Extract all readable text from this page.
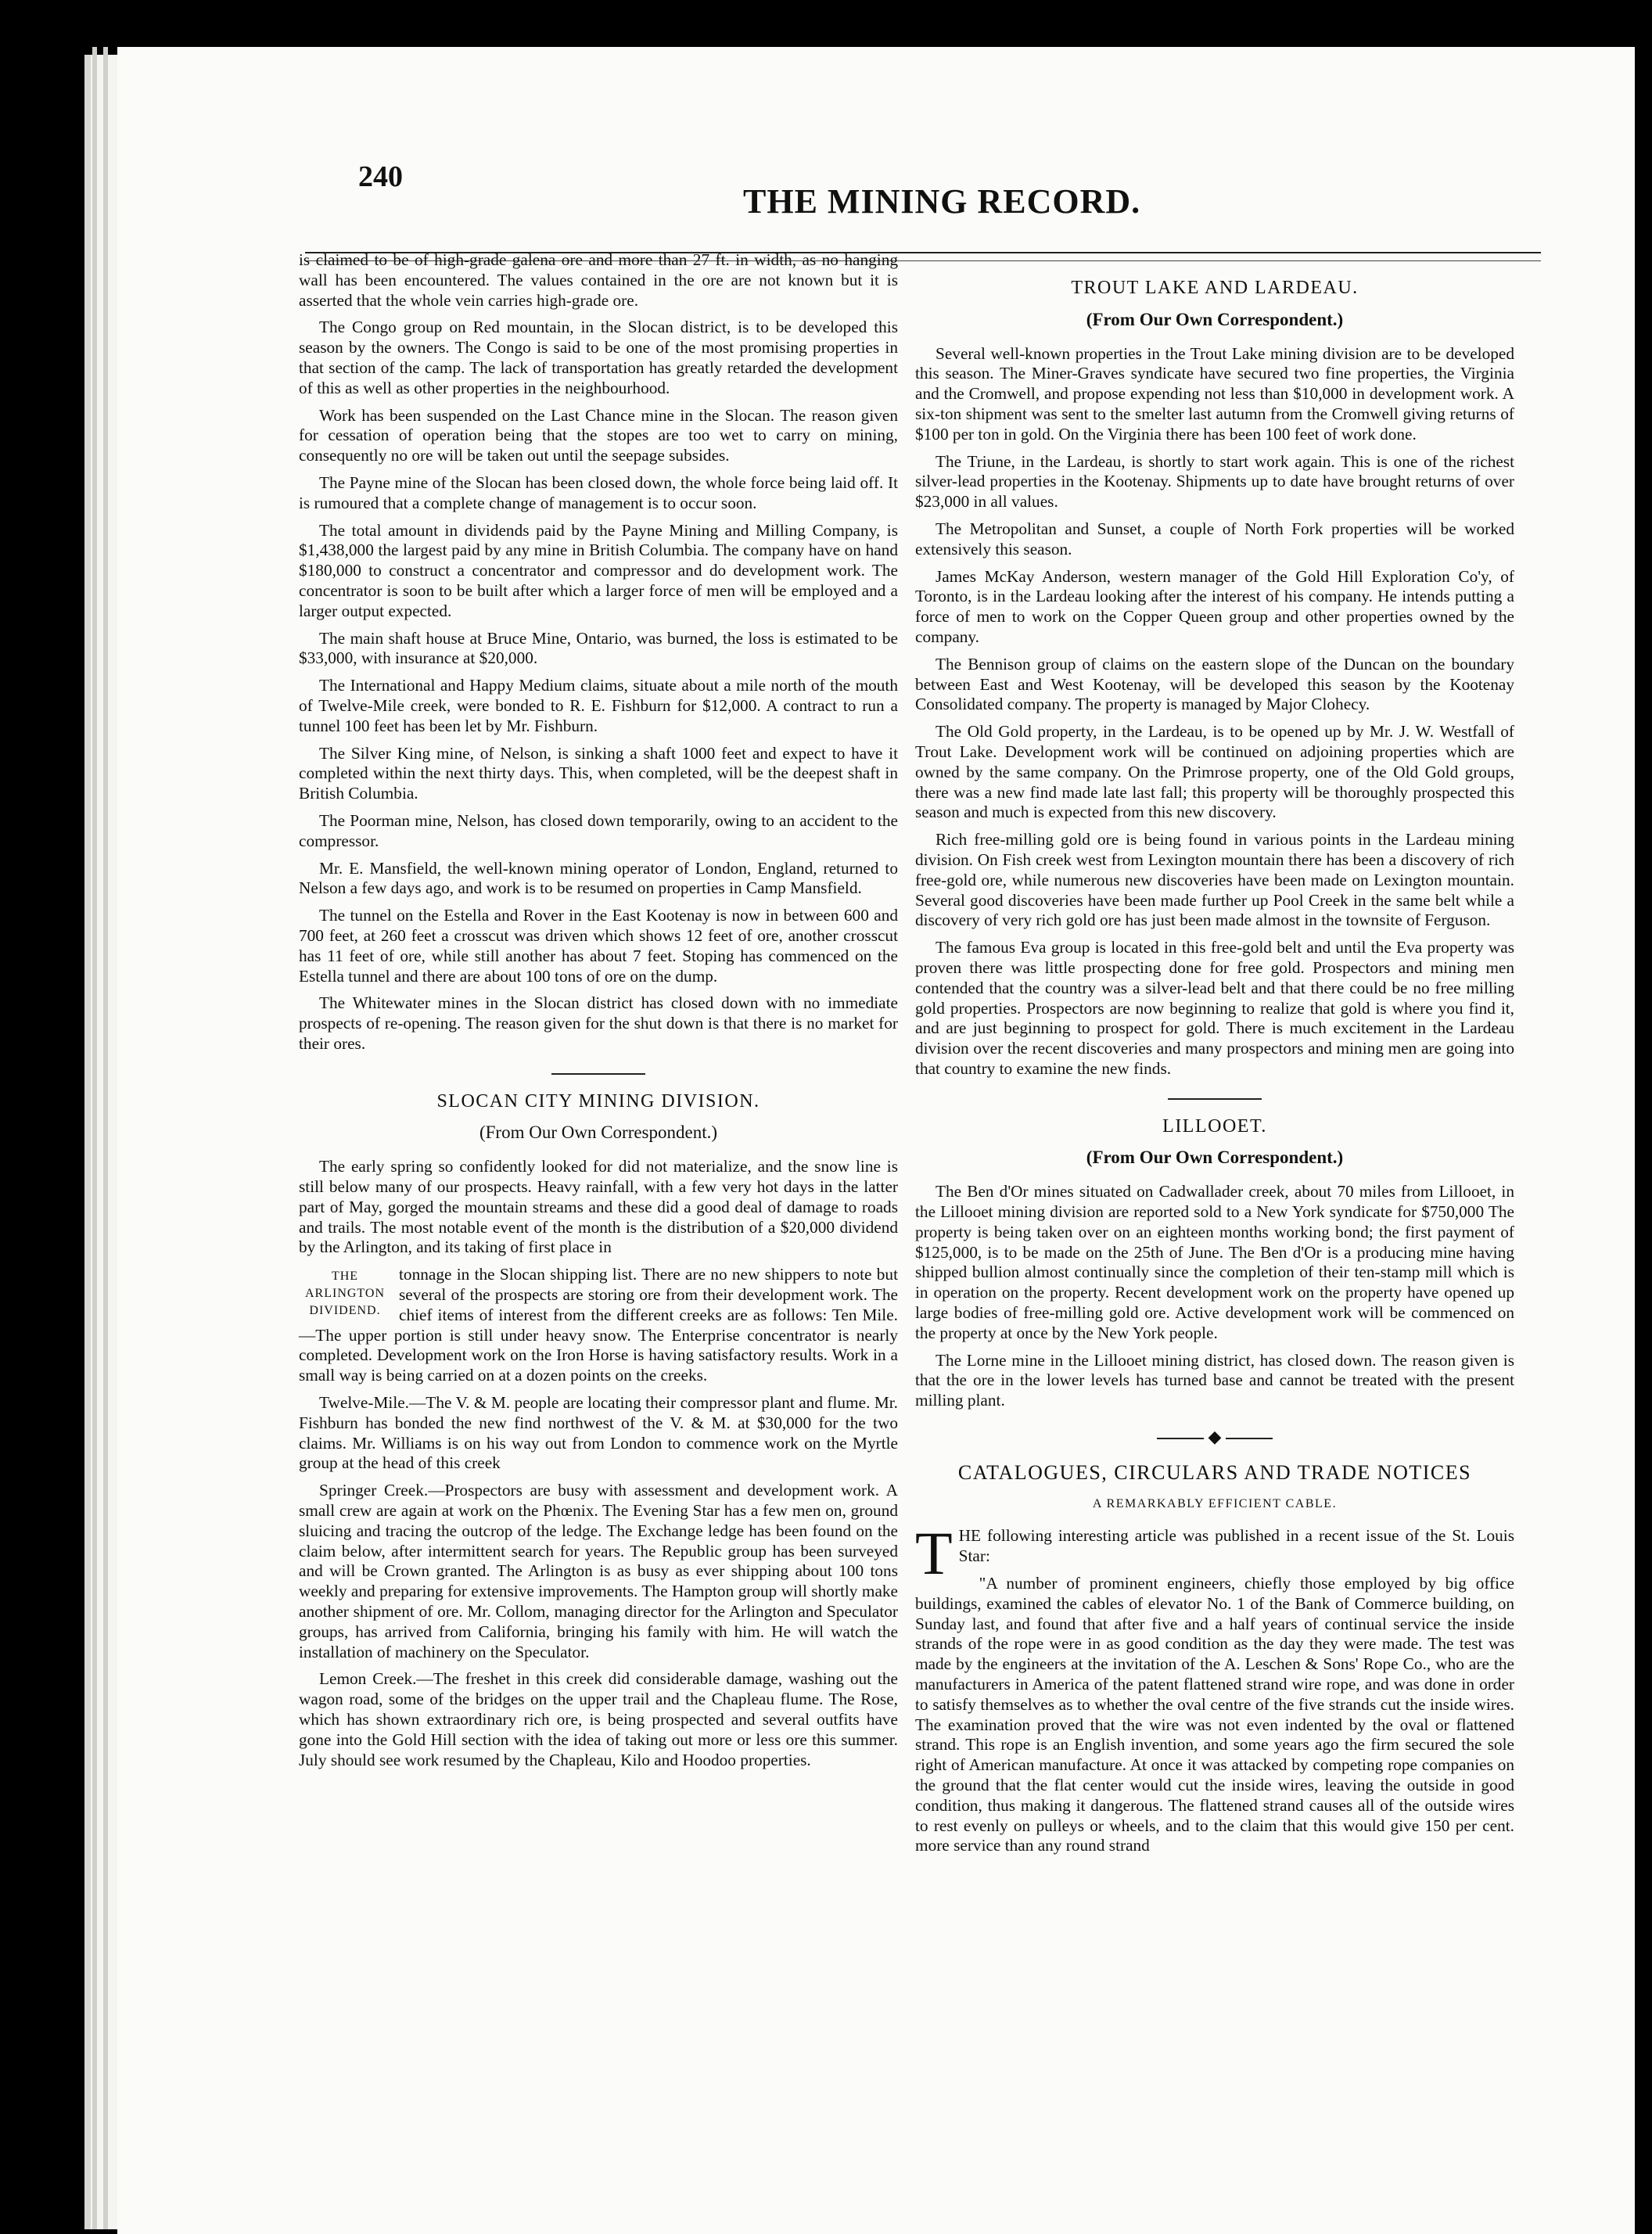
240
THE MINING RECORD.

is claimed to be of high-grade galena ore and more than 27 ft. in width, as no hanging wall has been encountered. The values contained in the ore are not known but it is asserted that the whole vein carries high-grade ore.

The Congo group on Red mountain, in the Slocan district, is to be developed this season by the owners. The Congo is said to be one of the most promising properties in that section of the camp. The lack of transportation has greatly retarded the development of this as well as other properties in the neighbourhood.

Work has been suspended on the Last Chance mine in the Slocan. The reason given for cessation of operation being that the stopes are too wet to carry on mining, consequently no ore will be taken out until the seepage subsides.

The Payne mine of the Slocan has been closed down, the whole force being laid off. It is rumoured that a complete change of management is to occur soon.

The total amount in dividends paid by the Payne Mining and Milling Company, is $1,438,000 the largest paid by any mine in British Columbia. The company have on hand $180,000 to construct a concentrator and compressor and do development work. The concentrator is soon to be built after which a larger force of men will be employed and a larger output expected.

The main shaft house at Bruce Mine, Ontario, was burned, the loss is estimated to be $33,000, with insurance at $20,000.

The International and Happy Medium claims, situate about a mile north of the mouth of Twelve-Mile creek, were bonded to R. E. Fishburn for $12,000. A contract to run a tunnel 100 feet has been let by Mr. Fishburn.

The Silver King mine, of Nelson, is sinking a shaft 1000 feet and expect to have it completed within the next thirty days. This, when completed, will be the deepest shaft in British Columbia.

The Poorman mine, Nelson, has closed down temporarily, owing to an accident to the compressor.

Mr. E. Mansfield, the well-known mining operator of London, England, returned to Nelson a few days ago, and work is to be resumed on properties in Camp Mansfield.

The tunnel on the Estella and Rover in the East Kootenay is now in between 600 and 700 feet, at 260 feet a crosscut was driven which shows 12 feet of ore, another crosscut has 11 feet of ore, while still another has about 7 feet. Stoping has commenced on the Estella tunnel and there are about 100 tons of ore on the dump.

The Whitewater mines in the Slocan district has closed down with no immediate prospects of re-opening. The reason given for the shut down is that there is no market for their ores.

SLOCAN CITY MINING DIVISION.
(From Our Own Correspondent.)

The early spring so confidently looked for did not materialize, and the snow line is still below many of our prospects. Heavy rainfall, with a few very hot days in the latter part of May, gorged the mountain streams and these did a good deal of damage to roads and trails. The most notable event of the month is the distribution of a $20,000 dividend by the Arlington, and its taking of first place in

THE ARLINGTON DIVIDEND.
tonnage in the Slocan shipping list. There are no new shippers to note but several of the prospects are storing ore from their development work. The chief items of interest from the different creeks are as follows: Ten Mile.—The upper portion is still under heavy snow. The Enterprise concentrator is nearly completed. Development work on the Iron Horse is having satisfactory results. Work in a small way is being carried on at a dozen points on the creeks.

Twelve-Mile.—The V. & M. people are locating their compressor plant and flume. Mr. Fishburn has bonded the new find northwest of the V. & M. at $30,000 for the two claims. Mr. Williams is on his way out from London to commence work on the Myrtle group at the head of this creek

Springer Creek.—Prospectors are busy with assessment and development work. A small crew are again at work on the Phœnix. The Evening Star has a few men on, ground sluicing and tracing the outcrop of the ledge. The Exchange ledge has been found on the claim below, after intermittent search for years. The Republic group has been surveyed and will be Crown granted. The Arlington is as busy as ever shipping about 100 tons weekly and preparing for extensive improvements. The Hampton group will shortly make another shipment of ore. Mr. Collom, managing director for the Arlington and Speculator groups, has arrived from California, bringing his family with him. He will watch the installation of machinery on the Speculator.

Lemon Creek.—The freshet in this creek did considerable damage, washing out the wagon road, some of the bridges on the upper trail and the Chapleau flume. The Rose, which has shown extraordinary rich ore, is being prospected and several outfits have gone into the Gold Hill section with the idea of taking out more or less ore this summer. July should see work resumed by the Chapleau, Kilo and Hoodoo properties.

TROUT LAKE AND LARDEAU.
(From Our Own Correspondent.)

Several well-known properties in the Trout Lake mining division are to be developed this season. The Miner-Graves syndicate have secured two fine properties, the Virginia and the Cromwell, and propose expending not less than $10,000 in development work. A six-ton shipment was sent to the smelter last autumn from the Cromwell giving returns of $100 per ton in gold. On the Virginia there has been 100 feet of work done.

The Triune, in the Lardeau, is shortly to start work again. This is one of the richest silver-lead properties in the Kootenay. Shipments up to date have brought returns of over $23,000 in all values.

The Metropolitan and Sunset, a couple of North Fork properties will be worked extensively this season.

James McKay Anderson, western manager of the Gold Hill Exploration Co'y, of Toronto, is in the Lardeau looking after the interest of his company. He intends putting a force of men to work on the Copper Queen group and other properties owned by the company.

The Bennison group of claims on the eastern slope of the Duncan on the boundary between East and West Kootenay, will be developed this season by the Kootenay Consolidated company. The property is managed by Major Clohecy.

The Old Gold property, in the Lardeau, is to be opened up by Mr. J. W. Westfall of Trout Lake. Development work will be continued on adjoining properties which are owned by the same company. On the Primrose property, one of the Old Gold groups, there was a new find made late last fall; this property will be thoroughly prospected this season and much is expected from this new discovery.

Rich free-milling gold ore is being found in various points in the Lardeau mining division. On Fish creek west from Lexington mountain there has been a discovery of rich free-gold ore, while numerous new discoveries have been made on Lexington mountain. Several good discoveries have been made further up Pool Creek in the same belt while a discovery of very rich gold ore has just been made almost in the townsite of Ferguson.

The famous Eva group is located in this free-gold belt and until the Eva property was proven there was little prospecting done for free gold. Prospectors and mining men contended that the country was a silver-lead belt and that there could be no free milling gold properties. Prospectors are now beginning to realize that gold is where you find it, and are just beginning to prospect for gold. There is much excitement in the Lardeau division over the recent discoveries and many prospectors and mining men are going into that country to examine the new finds.

LILLOOET.
(From Our Own Correspondent.)

The Ben d'Or mines situated on Cadwallader creek, about 70 miles from Lillooet, in the Lillooet mining division are reported sold to a New York syndicate for $750,000 The property is being taken over on an eighteen months working bond; the first payment of $125,000, is to be made on the 25th of June. The Ben d'Or is a producing mine having shipped bullion almost continually since the completion of their ten-stamp mill which is in operation on the property. Recent development work on the property have opened up large bodies of free-milling gold ore. Active development work will be commenced on the property at once by the New York people.

The Lorne mine in the Lillooet mining district, has closed down. The reason given is that the ore in the lower levels has turned base and cannot be treated with the present milling plant.

◆
CATALOGUES, CIRCULARS AND TRADE NOTICES
A REMARKABLY EFFICIENT CABLE.

T HE following interesting article was published in a recent issue of the St. Louis Star:

"A number of prominent engineers, chiefly those employed by big office buildings, examined the cables of elevator No. 1 of the Bank of Commerce building, on Sunday last, and found that after five and a half years of continual service the inside strands of the rope were in as good condition as the day they were made. The test was made by the engineers at the invitation of the A. Leschen & Sons' Rope Co., who are the manufacturers in America of the patent flattened strand wire rope, and was done in order to satisfy themselves as to whether the oval centre of the five strands cut the inside wires. The examination proved that the wire was not even indented by the oval or flattened strand. This rope is an English invention, and some years ago the firm secured the sole right of American manufacture. At once it was attacked by competing rope companies on the ground that the flat center would cut the inside wires, leaving the outside in good condition, thus making it dangerous. The flattened strand causes all of the outside wires to rest evenly on pulleys or wheels, and to the claim that this would give 150 per cent. more service than any round strand
